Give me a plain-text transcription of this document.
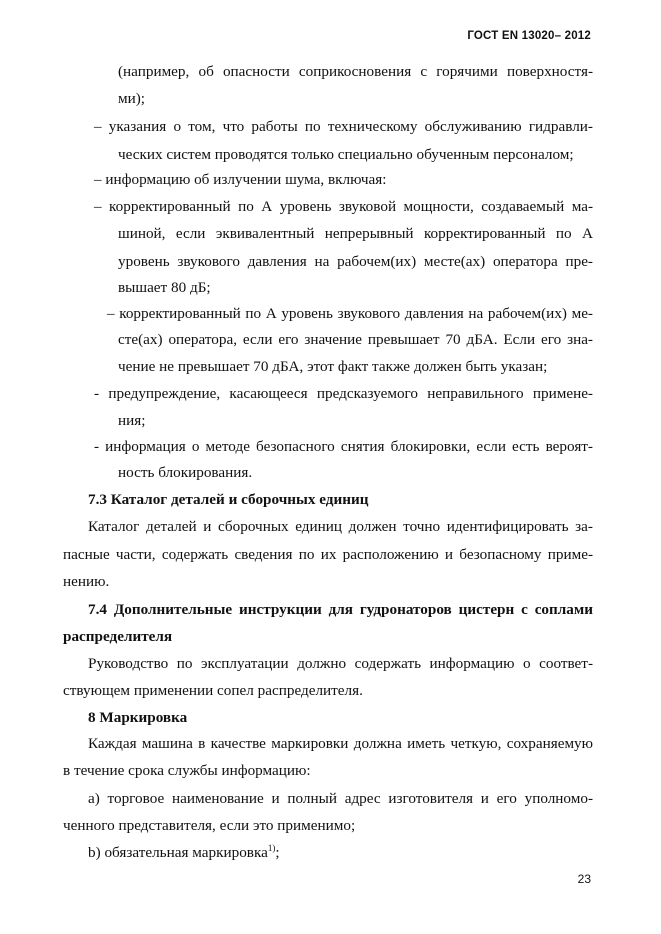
ГОСТ EN 13020– 2012
(например, об опасности соприкосновения с горячими поверхностя-
ми);
– указания о том, что работы по техническому обслуживанию гидравли-
ческих систем проводятся только специально обученным персоналом;
– информацию об излучении шума, включая:
– корректированный по А уровень звуковой мощности, создаваемый ма-
шиной, если эквивалентный непрерывный корректированный по А
уровень звукового давления на рабочем(их) месте(ах) оператора пре-
вышает 80 дБ;
– корректированный по А уровень звукового давления на рабочем(их) ме-
сте(ах) оператора, если его значение превышает 70 дБА. Если его зна-
чение не превышает 70 дБА, этот факт также должен быть указан;
- предупреждение, касающееся предсказуемого неправильного примене-
ния;
- информация о методе безопасного снятия блокировки, если есть вероят-
ность блокирования.
7.3 Каталог деталей и сборочных единиц
Каталог деталей и сборочных единиц должен точно идентифицировать за-
пасные части, содержать сведения по их расположению и безопасному приме-
нению.
7.4 Дополнительные инструкции для гудронаторов цистерн с соплами
распределителя
Руководство по эксплуатации должно содержать информацию о соответ-
ствующем применении сопел распределителя.
8 Маркировка
Каждая машина в качестве маркировки должна иметь четкую, сохраняемую
в течение срока службы информацию:
а) торговое наименование и полный адрес изготовителя и его уполномо-
ченного представителя, если это применимо;
b) обязательная маркировка$^{1)}$;
23
